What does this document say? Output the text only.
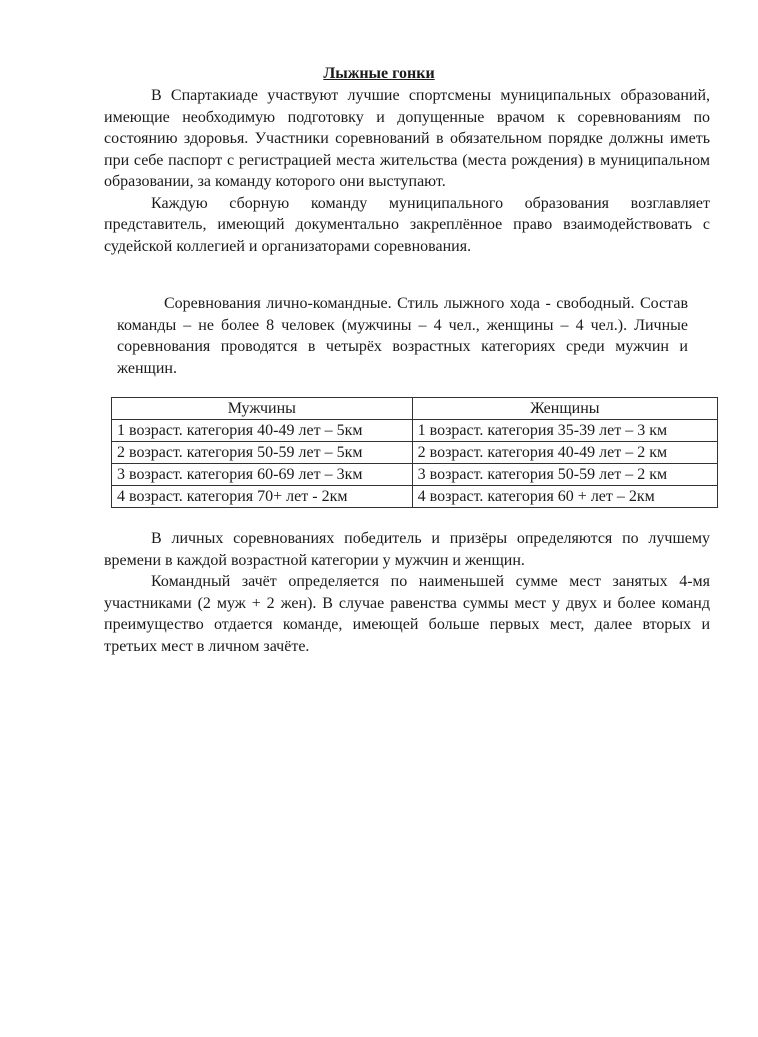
Лыжные гонки

В Спартакиаде участвуют лучшие спортсмены муниципальных образований, имеющие необходимую подготовку и допущенные врачом к соревнованиям по состоянию здоровья. Участники соревнований в обязательном порядке должны иметь при себе паспорт с регистрацией места жительства (места рождения) в муниципальном образовании, за команду которого они выступают.

Каждую сборную команду муниципального образования возглавляет представитель, имеющий документально закреплённое право взаимодействовать с судейской коллегией и организаторами соревнования.

Соревнования лично-командные. Стиль лыжного хода - свободный. Состав команды – не более 8 человек (мужчины – 4 чел., женщины – 4 чел.). Личные соревнования проводятся в четырёх возрастных категориях среди мужчин и женщин.

Мужчины	Женщины
1 возраст. категория 40-49 лет – 5км	1 возраст. категория 35-39 лет – 3 км
2 возраст. категория 50-59 лет – 5км	2 возраст. категория 40-49 лет – 2 км
3 возраст. категория 60-69 лет – 3км	3 возраст. категория 50-59 лет – 2 км
4 возраст. категория 70+ лет - 2км	4 возраст. категория 60 + лет – 2км

В личных соревнованиях победитель и призёры определяются по лучшему времени в каждой возрастной категории у мужчин и женщин.

Командный зачёт определяется по наименьшей сумме мест занятых 4-мя участниками (2 муж + 2 жен). В случае равенства суммы мест у двух и более команд преимущество отдается команде, имеющей больше первых мест, далее вторых и третьих мест в личном зачёте.
